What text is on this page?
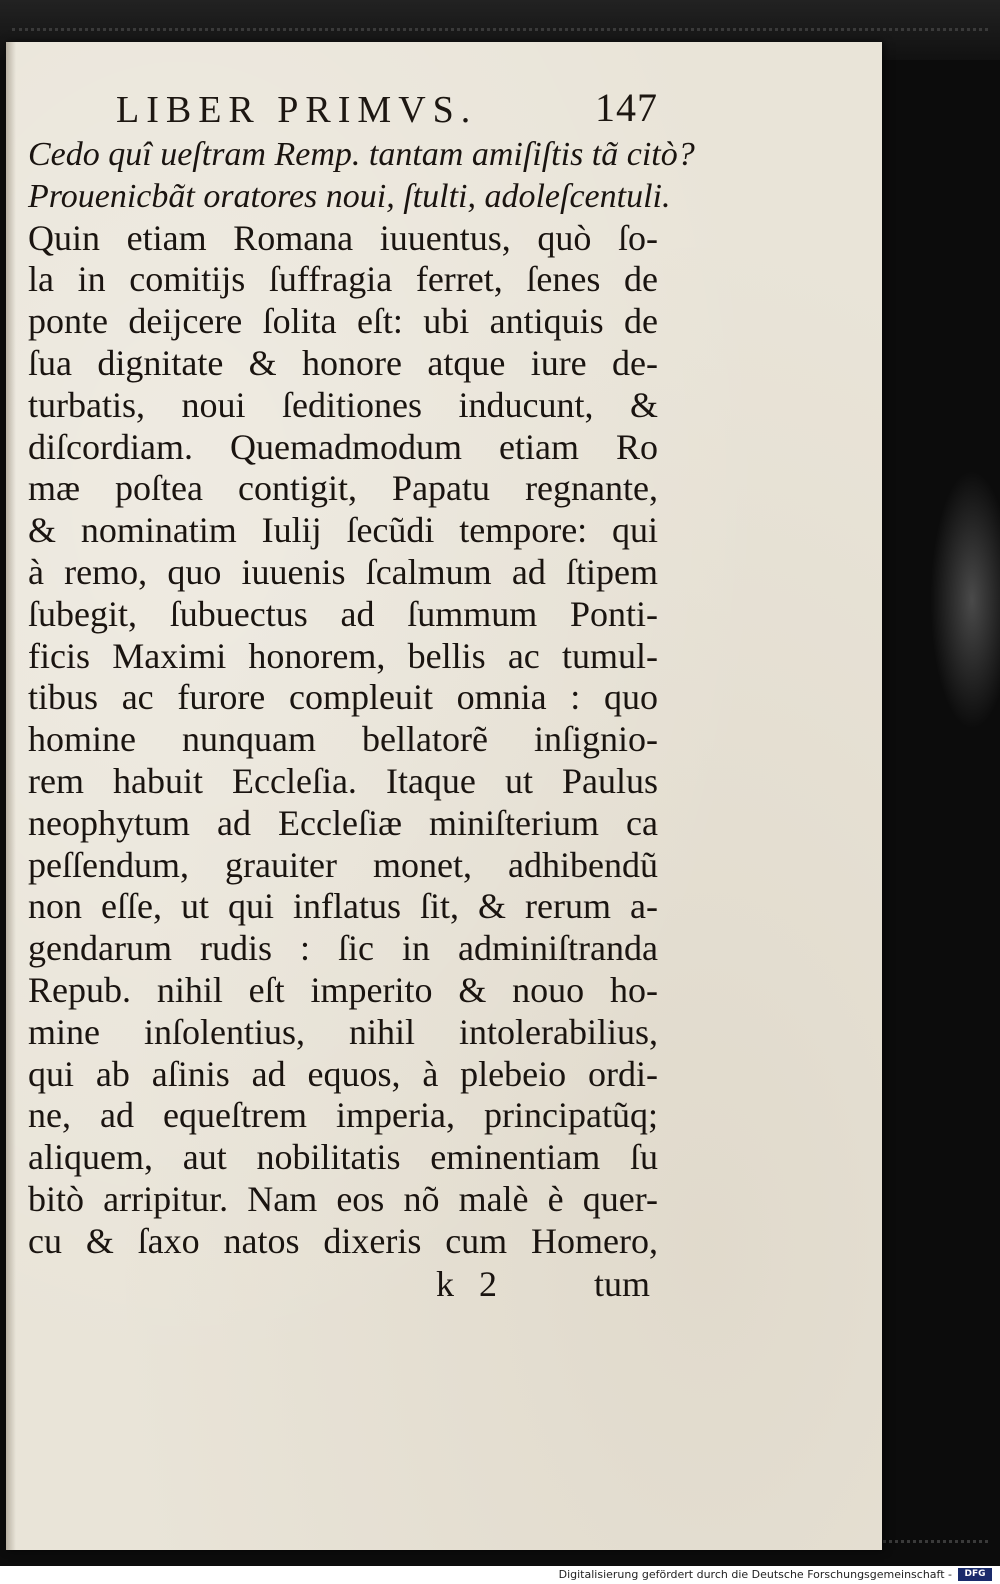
LIBER PRIMVS.	147
Cedo quî ueſtram Remp. tantam amiſiſtis tã citò?
Prouenicbãt oratores noui, ſtulti, adoleſcentuli.
Quin etiam Romana iuuentus, quò ſo-
la in comitijs ſuffragia ferret, ſenes de
ponte deijcere ſolita eſt: ubi antiquis de
ſua dignitate & honore atque iure de-
turbatis, noui ſeditiones inducunt, &
diſcordiam. Quemadmodum etiam Ro
mæ poſtea contigit, Papatu regnante,
& nominatim Iulij ſecũdi tempore: qui
à remo, quo iuuenis ſcalmum ad ſtipem
ſubegit, ſubuectus ad ſummum Ponti-
ficis Maximi honorem, bellis ac tumul-
tibus ac furore compleuit omnia : quo
homine nunquam bellatorẽ inſignio-
rem habuit Eccleſia. Itaque ut Paulus
neophytum ad Eccleſiæ miniſterium ca
peſſendum, grauiter monet, adhibendũ
non eſſe, ut qui inflatus ſit, & rerum a-
gendarum rudis : ſic in adminiſtranda
Repub. nihil eſt imperito & nouo ho-
mine inſolentius, nihil intolerabilius,
qui ab aſinis ad equos, à plebeio ordi-
ne, ad equeſtrem imperia, principatũq;
aliquem, aut nobilitatis eminentiam ſu
bitò arripitur. Nam eos nõ malè è quer-
cu & ſaxo natos dixeris cum Homero,
k 2 tum
Digitalisierung gefördert durch die Deutsche Forschungsgemeinschaft -	DFG
